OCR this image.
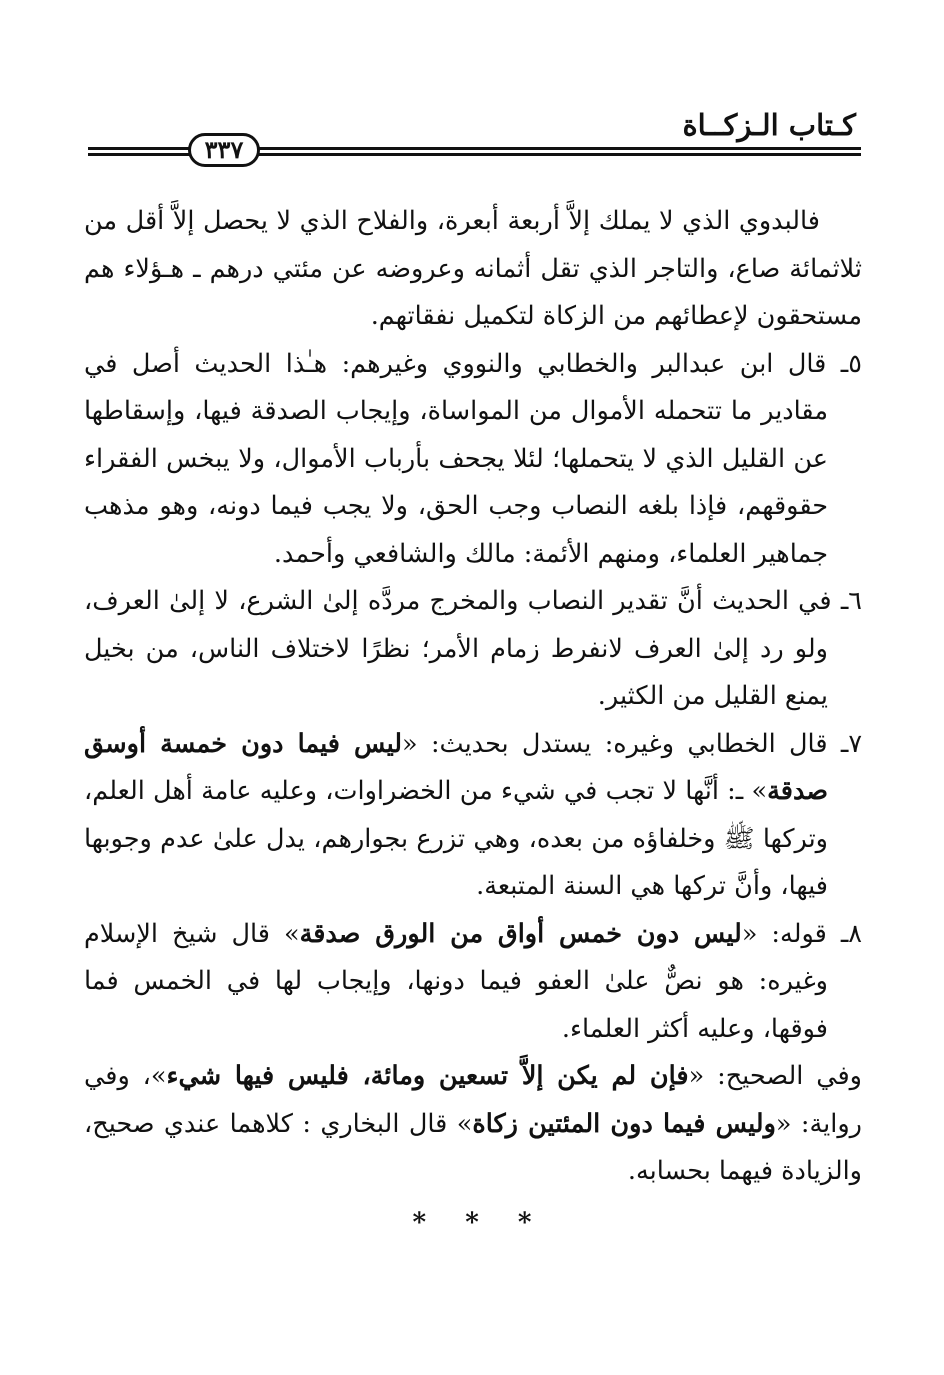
كـتاب الـزكــاة
٣٣٧

فالبدوي الذي لا يملك إلاَّ أربعة أبعرة، والفلاح الذي لا يحصل إلاَّ أقل من ثلاثمائة صاع، والتاجر الذي تقل أثمانه وعروضه عن مئتي درهم ـ هـؤلاء هم مستحقون لإعطائهم من الزكاة لتكميل نفقاتهم.

٥ـ قال ابن عبدالبر والخطابي والنووي وغيرهم: هـٰذا الحديث أصل في مقادير ما تتحمله الأموال من المواساة، وإيجاب الصدقة فيها، وإسقاطها عن القليل الذي لا يتحملها؛ لئلا يجحف بأرباب الأموال، ولا يبخس الفقراء حقوقهم، فإذا بلغه النصاب وجب الحق، ولا يجب فيما دونه، وهو مذهب جماهير العلماء، ومنهم الأئمة: مالك والشافعي وأحمد.

٦ـ في الحديث أنَّ تقدير النصاب والمخرج مردَّه إلىٰ الشرع، لا إلىٰ العرف، ولو رد إلىٰ العرف لانفرط زمام الأمر؛ نظرًا لاختلاف الناس، من بخيل يمنع القليل من الكثير.

٧ـ قال الخطابي وغيره: يستدل بحديث: «ليس فيما دون خمسة أوسق صدقة» ـ: أنَّها لا تجب في شيء من الخضراوات، وعليه عامة أهل العلم، وتركها ﷺ وخلفاؤه من بعده، وهي تزرع بجوارهم، يدل علىٰ عدم وجوبها فيها، وأنَّ تركها هي السنة المتبعة.

٨ـ قوله: «ليس دون خمس أواق من الورق صدقة» قال شيخ الإسلام وغيره: هو نصٌّ علىٰ العفو فيما دونها، وإيجاب لها في الخمس فما فوقها، وعليه أكثر العلماء.

وفي الصحيح: «فإن لم يكن إلاَّ تسعين ومائة، فليس فيها شيء»، وفي رواية: «وليس فيما دون المئتين زكاة» قال البخاري : كلاهما عندي صحيح، والزيادة فيهما بحسابه.

* * *
